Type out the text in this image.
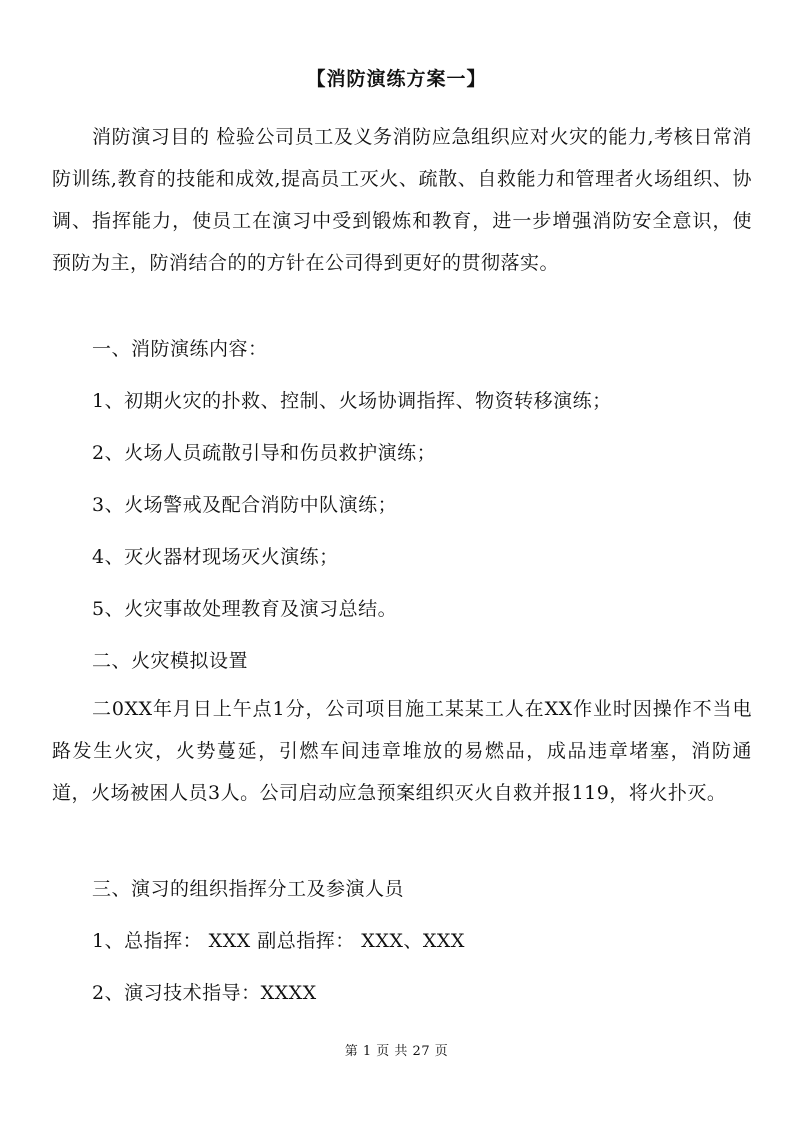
【消防演练方案一】
消防演习目的 检验公司员工及义务消防应急组织应对火灾的能力,考核日常消防训练,教育的技能和成效,提高员工灭火、疏散、自救能力和管理者火场组织、协调、指挥能力，使员工在演习中受到锻炼和教育，进一步增强消防安全意识，使预防为主，防消结合的的方针在公司得到更好的贯彻落实。
一、消防演练内容：
1、初期火灾的扑救、控制、火场协调指挥、物资转移演练；
2、火场人员疏散引导和伤员救护演练；
3、火场警戒及配合消防中队演练；
4、灭火器材现场灭火演练；
5、火灾事故处理教育及演习总结。
二、火灾模拟设置
二0XX年月日上午点1分，公司项目施工某某工人在XX作业时因操作不当电路发生火灾，火势蔓延，引燃车间违章堆放的易燃品，成品违章堵塞，消防通道，火场被困人员3人。公司启动应急预案组织灭火自救并报119，将火扑灭。
三、演习的组织指挥分工及参演人员
1、总指挥： XXX 副总指挥： XXX、XXX
2、演习技术指导：XXXX
第 1 页 共 27 页
